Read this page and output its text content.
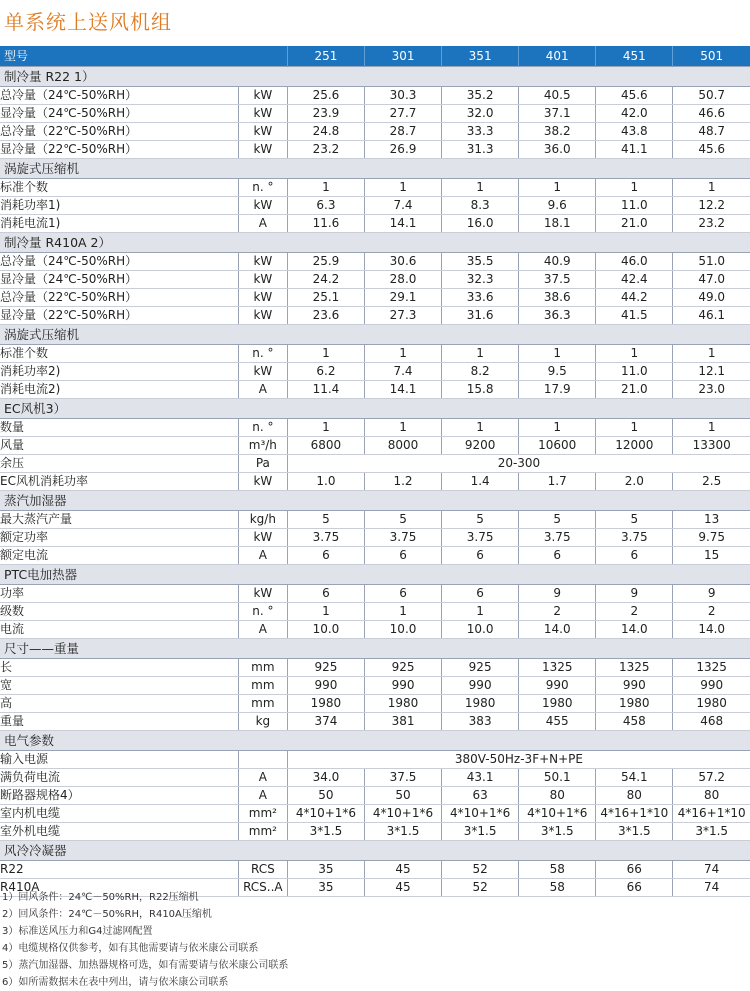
单系统上送风机组
型号		251	301	351	401	451	501
制冷量 R22 1）							
总冷量（24℃-50%RH）	kW	25.6	30.3	35.2	40.5	45.6	50.7
显冷量（24℃-50%RH）	kW	23.9	27.7	32.0	37.1	42.0	46.6
总冷量（22℃-50%RH）	kW	24.8	28.7	33.3	38.2	43.8	48.7
显冷量（22℃-50%RH）	kW	23.2	26.9	31.3	36.0	41.1	45.6
涡旋式压缩机							
标准个数	n. °	1	1	1	1	1	1
消耗功率1)	kW	6.3	7.4	8.3	9.6	11.0	12.2
消耗电流1)	A	11.6	14.1	16.0	18.1	21.0	23.2
制冷量 R410A 2）							
总冷量（24℃-50%RH）	kW	25.9	30.6	35.5	40.9	46.0	51.0
显冷量（24℃-50%RH）	kW	24.2	28.0	32.3	37.5	42.4	47.0
总冷量（22℃-50%RH）	kW	25.1	29.1	33.6	38.6	44.2	49.0
显冷量（22℃-50%RH）	kW	23.6	27.3	31.6	36.3	41.5	46.1
涡旋式压缩机							
标准个数	n. °	1	1	1	1	1	1
消耗功率2)	kW	6.2	7.4	8.2	9.5	11.0	12.1
消耗电流2)	A	11.4	14.1	15.8	17.9	21.0	23.0
EC风机3）							
数量	n. °	1	1	1	1	1	1
风量	m³/h	6800	8000	9200	10600	12000	13300
余压	Pa	20-300					
EC风机消耗功率	kW	1.0	1.2	1.4	1.7	2.0	2.5
蒸汽加湿器							
最大蒸汽产量	kg/h	5	5	5	5	5	13
额定功率	kW	3.75	3.75	3.75	3.75	3.75	9.75
额定电流	A	6	6	6	6	6	15
PTC电加热器							
功率	kW	6	6	6	9	9	9
级数	n. °	1	1	1	2	2	2
电流	A	10.0	10.0	10.0	14.0	14.0	14.0
尺寸——重量							
长	mm	925	925	925	1325	1325	1325
宽	mm	990	990	990	990	990	990
高	mm	1980	1980	1980	1980	1980	1980
重量	kg	374	381	383	455	458	468
电气参数							
输入电源		380V-50Hz-3F+N+PE					
满负荷电流	A	34.0	37.5	43.1	50.1	54.1	57.2
断路器规格4）	A	50	50	63	80	80	80
室内机电缆	mm²	4*10+1*6	4*10+1*6	4*10+1*6	4*10+1*6	4*16+1*10	4*16+1*10
室外机电缆	mm²	3*1.5	3*1.5	3*1.5	3*1.5	3*1.5	3*1.5
风冷冷凝器							
R22	RCS	35	45	52	58	66	74
R410A	RCS..A	35	45	52	58	66	74
1）回风条件：24℃－50%RH，R22压缩机
2）回风条件：24℃－50%RH，R410A压缩机
3）标准送风压力和G4过滤网配置
4）电缆规格仅供参考，如有其他需要请与依米康公司联系
5）蒸汽加湿器、加热器规格可选，如有需要请与依米康公司联系
6）如所需数据未在表中列出，请与依米康公司联系
